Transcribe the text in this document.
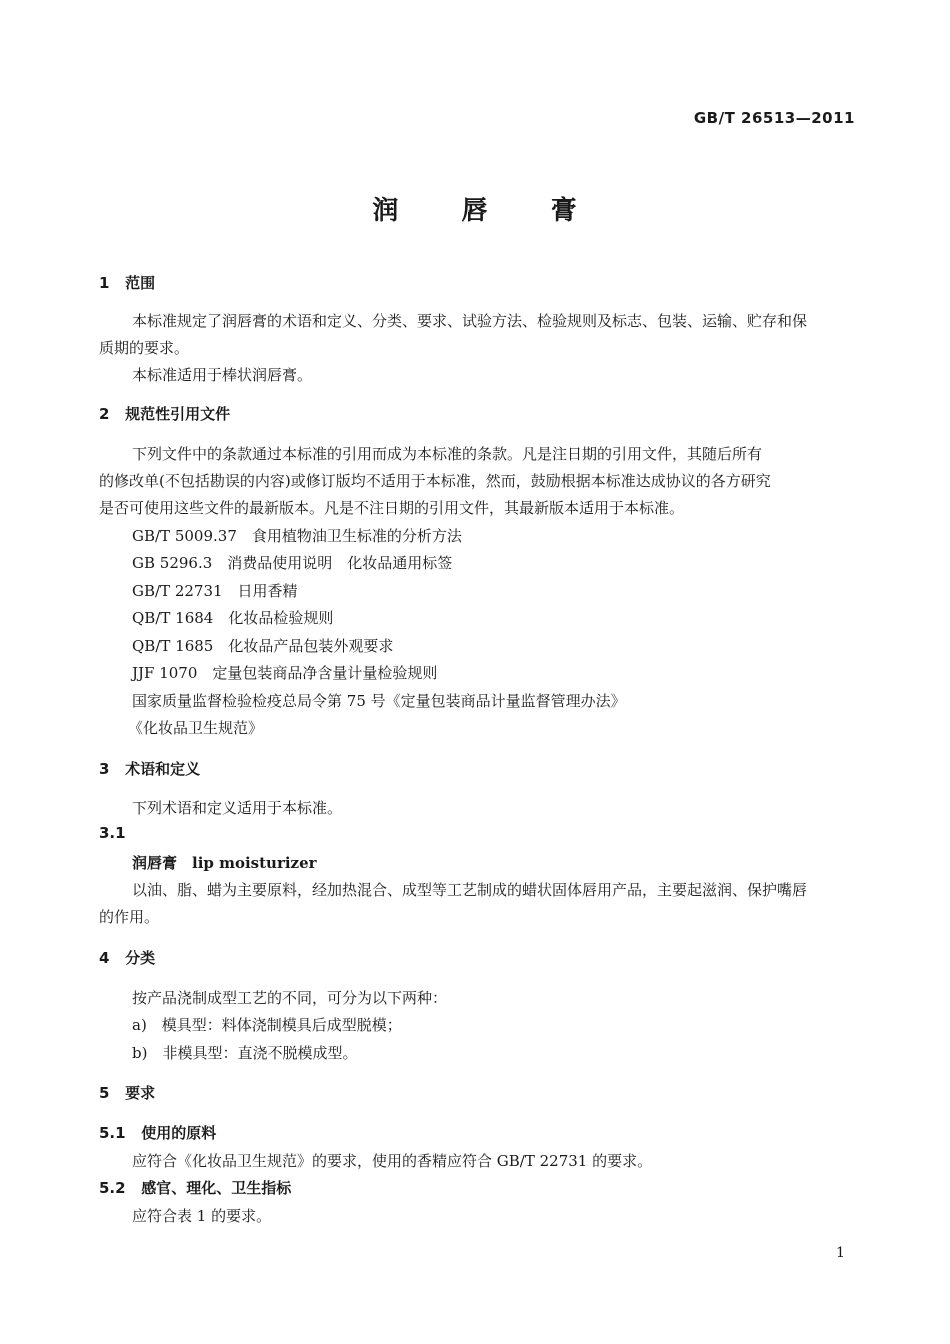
GB/T 26513—2011
润 唇 膏
1 范围
本标准规定了润唇膏的术语和定义、分类、要求、试验方法、检验规则及标志、包装、运输、贮存和保
质期的要求。
本标准适用于棒状润唇膏。
2 规范性引用文件
下列文件中的条款通过本标准的引用而成为本标准的条款。凡是注日期的引用文件，其随后所有
的修改单(不包括勘误的内容)或修订版均不适用于本标准，然而，鼓励根据本标准达成协议的各方研究
是否可使用这些文件的最新版本。凡是不注日期的引用文件，其最新版本适用于本标准。
GB/T 5009.37　食用植物油卫生标准的分析方法
GB 5296.3　消费品使用说明　化妆品通用标签
GB/T 22731　日用香精
QB/T 1684　化妆品检验规则
QB/T 1685　化妆品产品包装外观要求
JJF 1070　定量包装商品净含量计量检验规则
国家质量监督检验检疫总局令第 75 号《定量包装商品计量监督管理办法》
《化妆品卫生规范》
3 术语和定义
下列术语和定义适用于本标准。
3.1
润唇膏　lip moisturizer
以油、脂、蜡为主要原料，经加热混合、成型等工艺制成的蜡状固体唇用产品，主要起滋润、保护嘴唇
的作用。
4 分类
按产品浇制成型工艺的不同，可分为以下两种：
a)　模具型：料体浇制模具后成型脱模；
b)　非模具型：直浇不脱模成型。
5 要求
5.1 使用的原料
应符合《化妆品卫生规范》的要求，使用的香精应符合 GB/T 22731 的要求。
5.2 感官、理化、卫生指标
应符合表 1 的要求。
1
